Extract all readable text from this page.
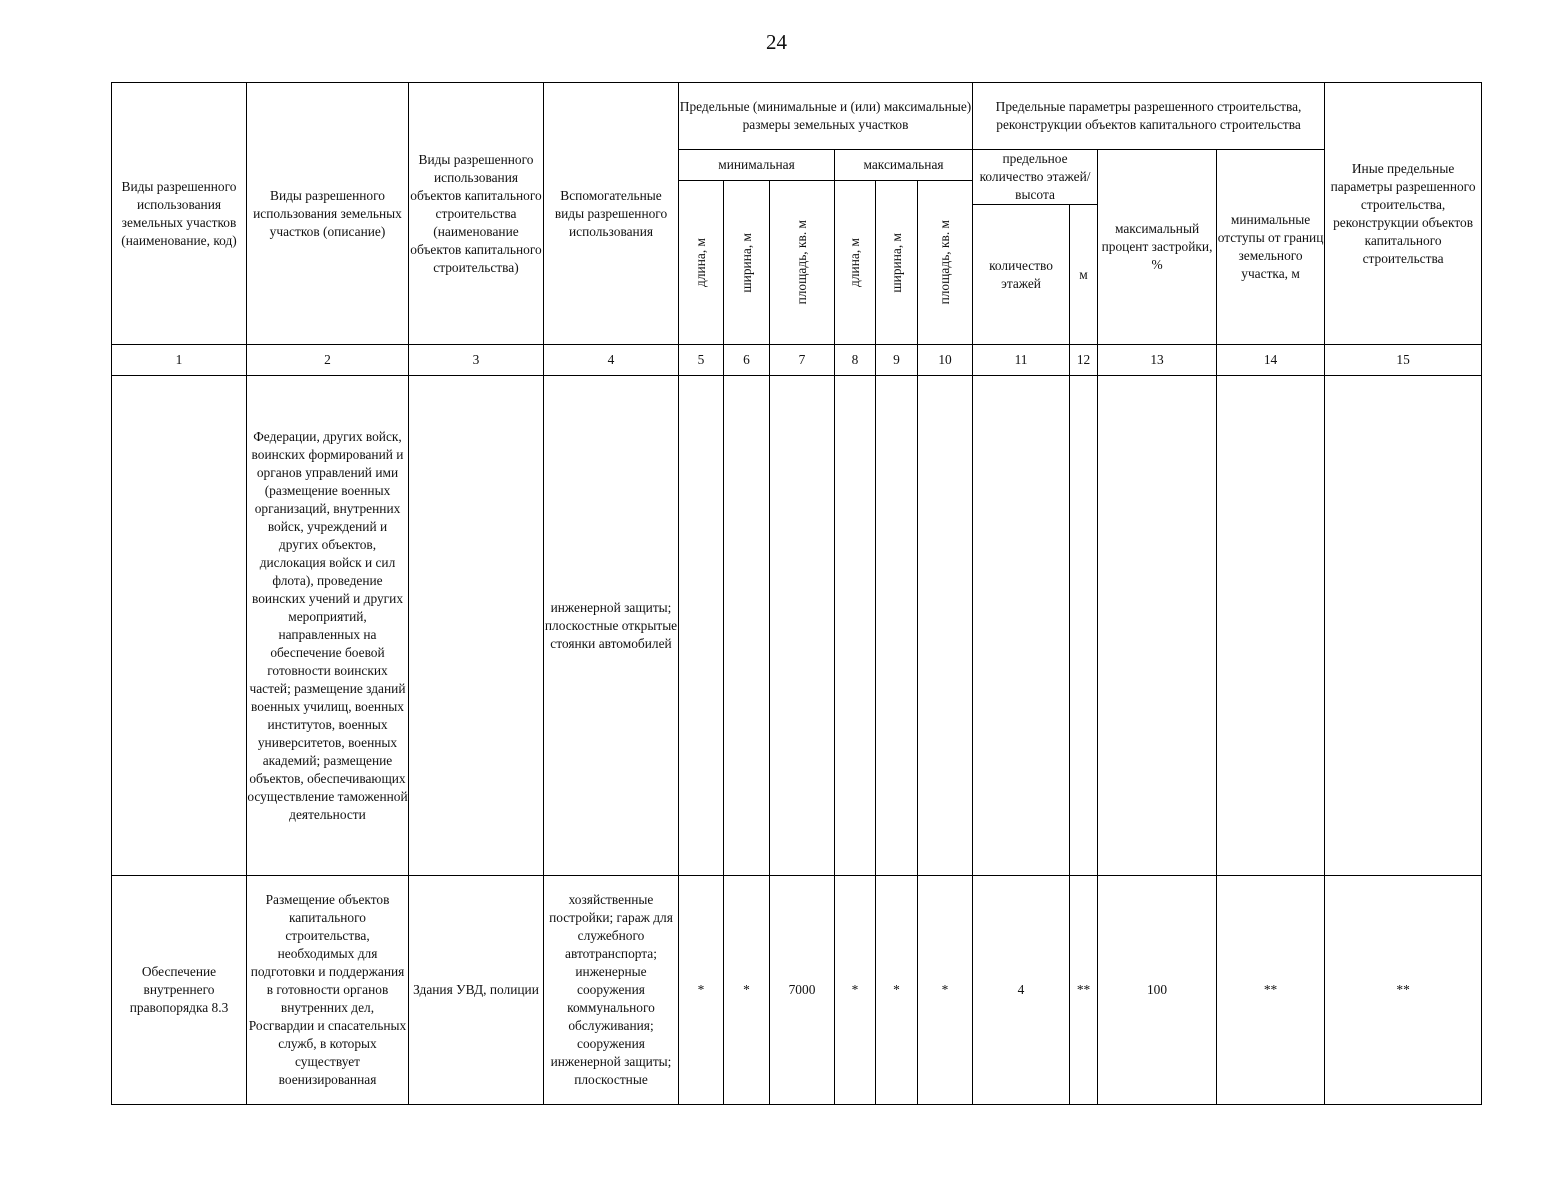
24
Виды разрешенного использования земельных участков (наименование, код)	Виды разрешенного использования земельных участков (описание)	Виды разрешенного использования объектов капитального строительства (наименование объектов капитального строительства)	Вспомогательные виды разрешенного использования	Предельные (минимальные и (или) максимальные) размеры земельных участков						Предельные параметры разрешенного строительства, реконструкции объектов капитального строительства				Иные предельные параметры разрешенного строительства, реконструкции объектов капитального строительства
				минимальная			максимальная			предельное количество этажей/высота		максимальный процент застройки, %	минимальные отступы от границ земельного участка, м	

				длина, м	ширина, м	площадь, кв. м	длина, м	ширина, м	площадь, кв. м					

										количество этажей	м			
1	2	3	4	5	6	7	8	9	10	11	12	13	14	15
	Федерации, других войск, воинских формирований и органов управлений ими (размещение военных организаций, внутренних войск, учреждений и других объектов, дислокация войск и сил флота), проведение воинских учений и других мероприятий, направленных на обеспечение боевой готовности воинских частей; размещение зданий военных училищ, военных институтов, военных университетов, военных академий; размещение объектов, обеспечивающих осуществление таможенной деятельности		инженерной защиты; плоскостные открытые стоянки автомобилей											
Обеспечение внутреннего правопорядка 8.3	Размещение объектов капитального строительства, необходимых для подготовки и поддержания в готовности органов внутренних дел, Росгвардии и спасательных служб, в которых существует военизированная	Здания УВД, полиции	хозяйственные постройки; гараж для служебного автотранспорта; инженерные сооружения коммунального обслуживания; сооружения инженерной защиты; плоскостные	*	*	7000	*	*	*	4	**	100	**	**
